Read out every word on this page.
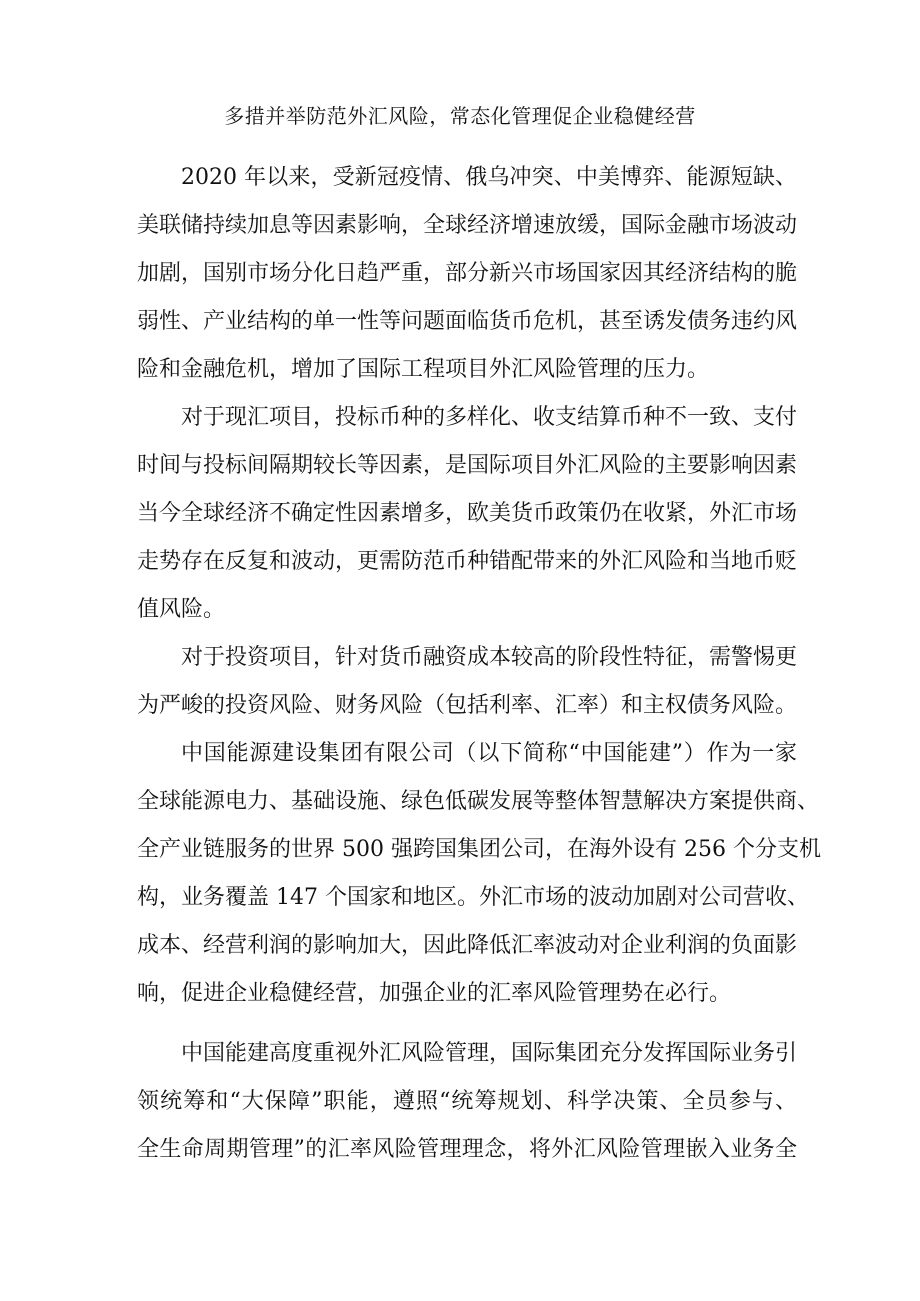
多措并举防范外汇风险，常态化管理促企业稳健经营
2020 年以来，受新冠疫情、俄乌冲突、中美博弈、能源短缺、
美联储持续加息等因素影响，全球经济增速放缓，国际金融市场波动
加剧，国别市场分化日趋严重，部分新兴市场国家因其经济结构的脆
弱性、产业结构的单一性等问题面临货币危机，甚至诱发债务违约风
险和金融危机，增加了国际工程项目外汇风险管理的压力。
对于现汇项目，投标币种的多样化、收支结算币种不一致、支付
时间与投标间隔期较长等因素，是国际项目外汇风险的主要影响因素
当今全球经济不确定性因素增多，欧美货币政策仍在收紧，外汇市场
走势存在反复和波动，更需防范币种错配带来的外汇风险和当地币贬
值风险。
对于投资项目，针对货币融资成本较高的阶段性特征，需警惕更
为严峻的投资风险、财务风险（包括利率、汇率）和主权债务风险。
中国能源建设集团有限公司（以下简称“中国能建”）作为一家
全球能源电力、基础设施、绿色低碳发展等整体智慧解决方案提供商、
全产业链服务的世界 500 强跨国集团公司，在海外设有 256 个分支机
构，业务覆盖 147 个国家和地区。外汇市场的波动加剧对公司营收、
成本、经营利润的影响加大，因此降低汇率波动对企业利润的负面影
响，促进企业稳健经营，加强企业的汇率风险管理势在必行。
中国能建高度重视外汇风险管理，国际集团充分发挥国际业务引
领统筹和“大保障”职能，遵照“统筹规划、科学决策、全员参与、
全生命周期管理”的汇率风险管理理念，将外汇风险管理嵌入业务全
